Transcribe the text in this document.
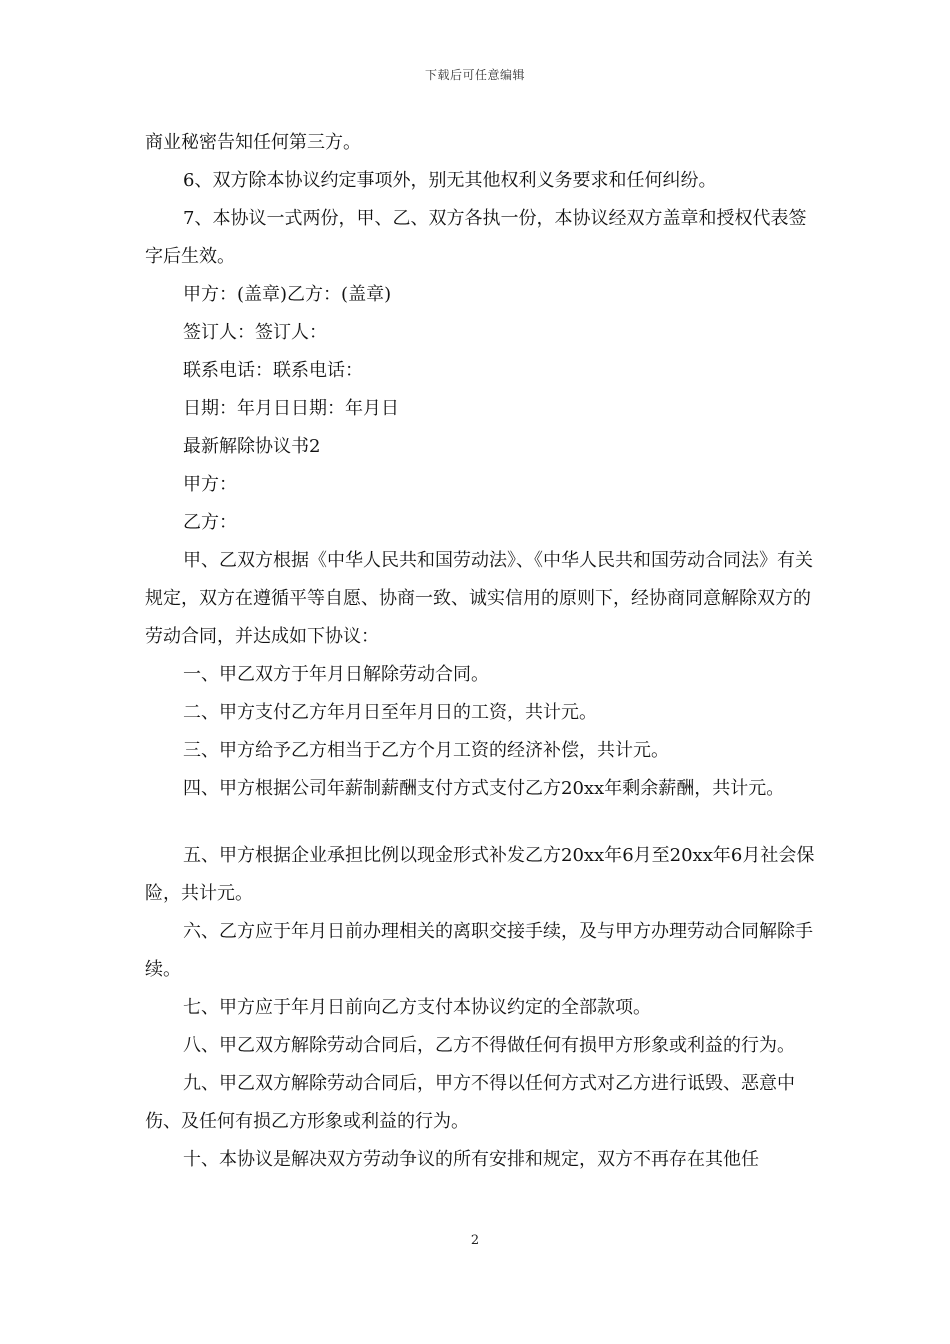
下载后可任意编辑

商业秘密告知任何第三方。

6、双方除本协议约定事项外，别无其他权利义务要求和任何纠纷。

7、本协议一式两份，甲、乙、双方各执一份，本协议经双方盖章和授权代表签字后生效。

甲方：(盖章)乙方：(盖章)

签订人：签订人：

联系电话：联系电话：

日期：年月日日期：年月日

最新解除协议书2

甲方：

乙方：

甲、乙双方根据《中华人民共和国劳动法》、《中华人民共和国劳动合同法》有关规定，双方在遵循平等自愿、协商一致、诚实信用的原则下，经协商同意解除双方的劳动合同，并达成如下协议：

一、甲乙双方于年月日解除劳动合同。

二、甲方支付乙方年月日至年月日的工资，共计元。

三、甲方给予乙方相当于乙方个月工资的经济补偿，共计元。

四、甲方根据公司年薪制薪酬支付方式支付乙方20xx年剩余薪酬，共计元。

五、甲方根据企业承担比例以现金形式补发乙方20xx年6月至20xx年6月社会保险，共计元。

六、乙方应于年月日前办理相关的离职交接手续，及与甲方办理劳动合同解除手续。

七、甲方应于年月日前向乙方支付本协议约定的全部款项。

八、甲乙双方解除劳动合同后，乙方不得做任何有损甲方形象或利益的行为。

九、甲乙双方解除劳动合同后，甲方不得以任何方式对乙方进行诋毁、恶意中伤、及任何有损乙方形象或利益的行为。

十、本协议是解决双方劳动争议的所有安排和规定，双方不再存在其他任

2
